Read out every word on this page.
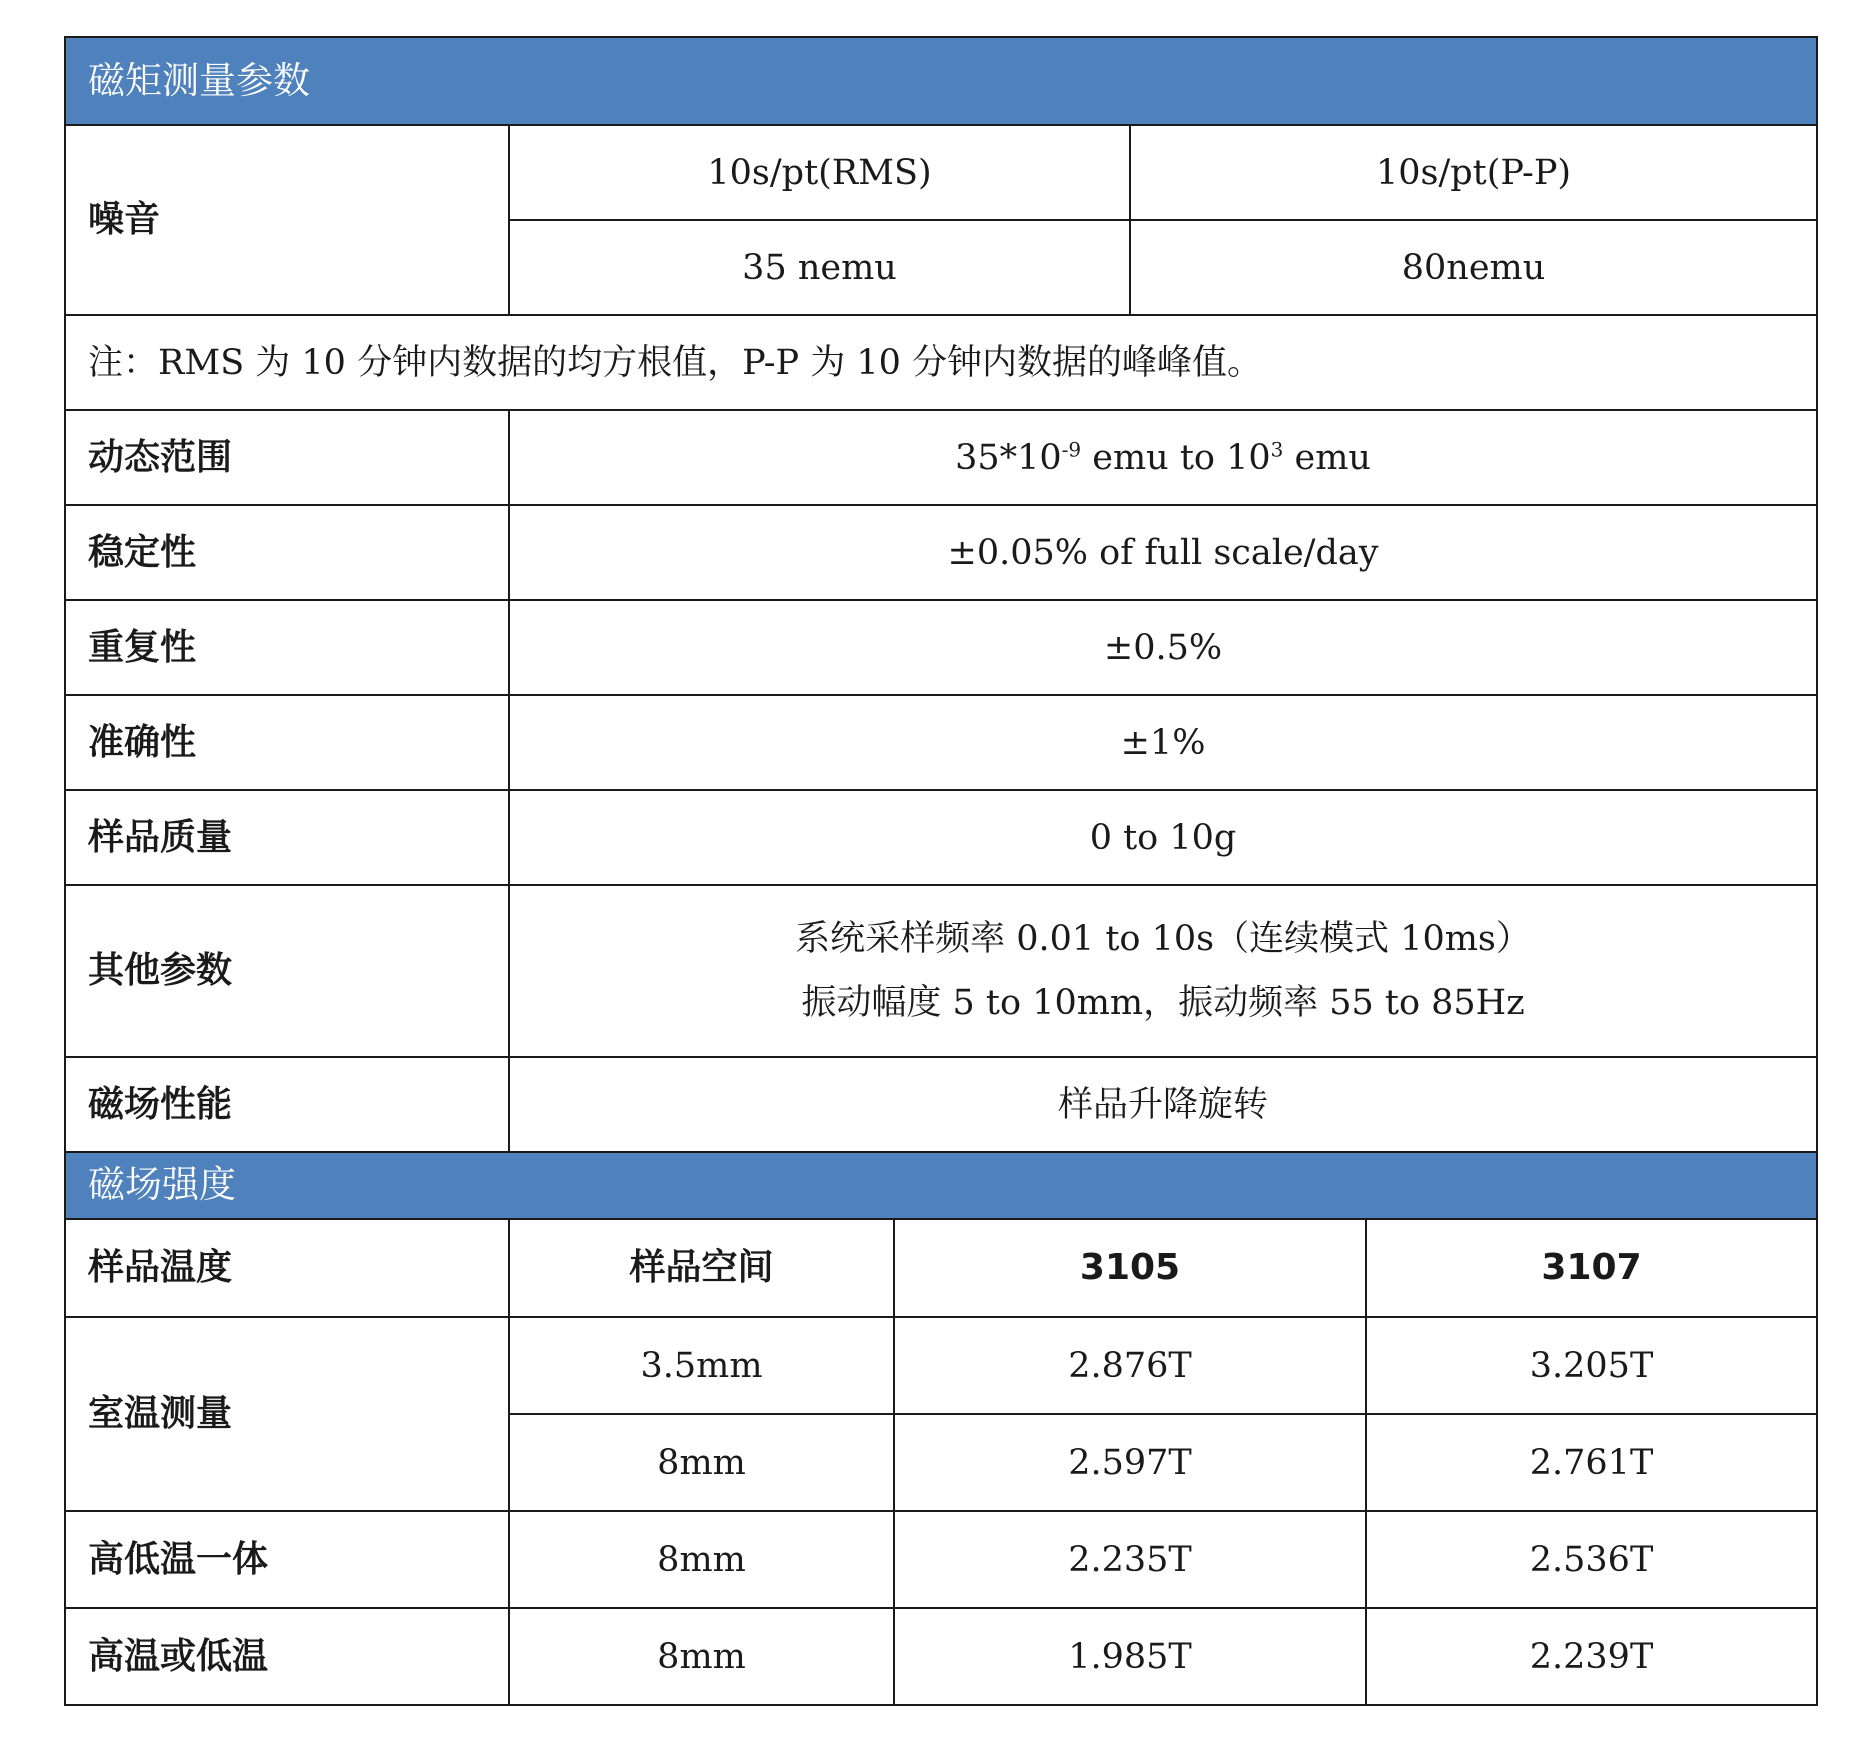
磁矩测量参数				
噪音	10s/pt(RMS)		10s/pt(P-P)	
	35 nemu		80nemu	
注：RMS 为 10 分钟内数据的均方根值，P-P 为 10 分钟内数据的峰峰值。				
动态范围	$35*10^{-9}$ emu to $10^3$ emu			
稳定性	±0.05% of full scale/day			
重复性	±0.5%			
准确性	±1%			
样品质量	0 to 10g			
其他参数	系统采样频率 0.01 to 10s（连续模式 10ms）
振动幅度 5 to 10mm，振动频率 55 to 85Hz			

磁场性能	样品升降旋转			
磁场强度				
样品温度	样品空间	3105		3107
室温测量	3.5mm	2.876T		3.205T
	8mm	2.597T		2.761T
高低温一体	8mm	2.235T		2.536T
高温或低温	8mm	1.985T		2.239T
